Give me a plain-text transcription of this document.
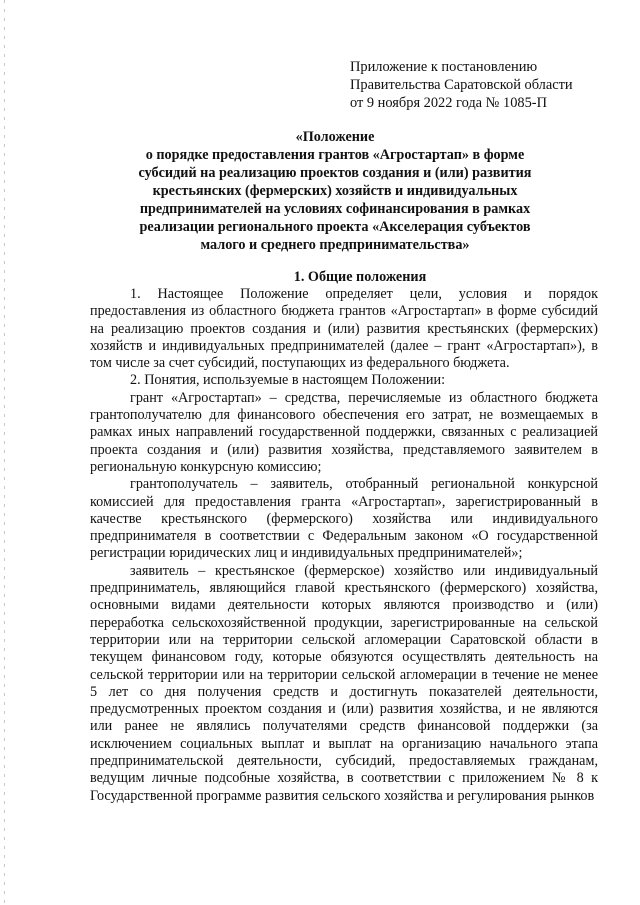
Приложение к постановлению
Правительства Саратовской области
от 9 ноября 2022 года № 1085-П
«Положение
о порядке предоставления грантов «Агростартап» в форме
субсидий на реализацию проектов создания и (или) развития
крестьянских (фермерских) хозяйств и индивидуальных
предпринимателей на условиях софинансирования в рамках
реализации регионального проекта «Акселерация субъектов
малого и среднего предпринимательства»
1. Общие положения

1. Настоящее Положение определяет цели, условия и порядок предоставления из областного бюджета грантов «Агростартап» в форме субсидий на реализацию проектов создания и (или) развития крестьянских (фермерских) хозяйств и индивидуальных предпринимателей (далее – грант «Агростартап»), в том числе за счет субсидий, поступающих из федерального бюджета.

2. Понятия, используемые в настоящем Положении:

грант «Агростартап» – средства, перечисляемые из областного бюджета грантополучателю для финансового обеспечения его затрат, не возмещаемых в рамках иных направлений государственной поддержки, связанных с реализацией проекта создания и (или) развития хозяйства, представляемого заявителем в региональную конкурсную комиссию;

грантополучатель – заявитель, отобранный региональной конкурсной комиссией для предоставления гранта «Агростартап», зарегистрированный в качестве крестьянского (фермерского) хозяйства или индивидуального предпринимателя в соответствии с Федеральным законом «О государственной регистрации юридических лиц и индивидуальных предпринимателей»;

заявитель – крестьянское (фермерское) хозяйство или индивидуальный предприниматель, являющийся главой крестьянского (фермерского) хозяйства, основными видами деятельности которых являются производство и (или) переработка сельскохозяйственной продукции, зарегистрированные на сельской территории или на территории сельской агломерации Саратовской области в текущем финансовом году, которые обязуются осуществлять деятельность на сельской территории или на территории сельской агломерации в течение не менее 5 лет со дня получения средств и достигнуть показателей деятельности, предусмотренных проектом создания и (или) развития хозяйства, и не являются или ранее не являлись получателями средств финансовой поддержки (за исключением социальных выплат и выплат на организацию начального этапа предпринимательской деятельности, субсидий, предоставляемых гражданам, ведущим личные подсобные хозяйства, в соответствии с приложением № 8 к Государственной программе развития сельского хозяйства и регулирования рынков
